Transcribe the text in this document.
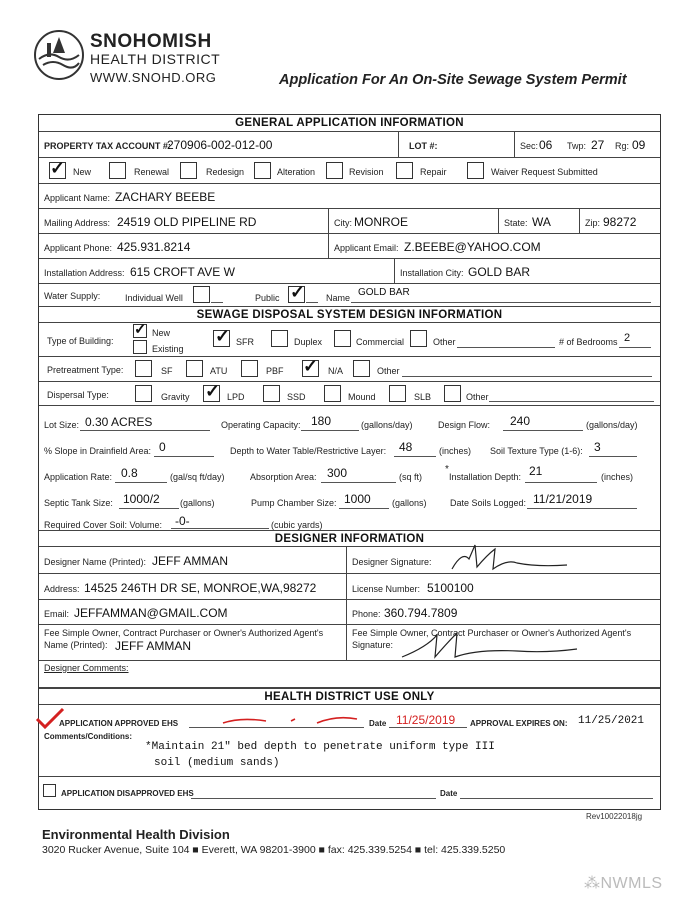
SNOHOMISH
HEALTH DISTRICT
WWW.SNOHD.ORG	Application For An On-Site Sewage System Permit
GENERAL APPLICATION INFORMATION
PROPERTY TAX ACCOUNT #:
270906-002-012-00	LOT #:	Sec: 06 Twp: 27 Rg: 09
✓ New	Renewal	Redesign	Alteration	Revision	Repair	Waiver Request Submitted
Applicant Name: ZACHARY BEEBE
Mailing Address: 24519 OLD PIPELINE RD	City: MONROE	State: WA	Zip: 98272
Applicant Phone: 425.931.8214	Applicant Email: Z.BEEBE@YAHOO.COM
Installation Address: 615 CROFT AVE W	Installation City: GOLD BAR
Water Supply:	Individual Well	Public ✓ Name GOLD BAR
SEWAGE DISPOSAL SYSTEM DESIGN INFORMATION
Type of Building:
✓ New
Existing
✓ SFR	Duplex	Commercial	Other	# of Bedrooms 2
Pretreatment Type:	SF	ATU	PBF ✓ N/A	Other
Dispersal Type:	Gravity ✓ LPD	SSD	Mound	SLB	Other
Lot Size: 0.30 ACRES	Operating Capacity: 180	(gallons/day)	Design Flow: 240	(gallons/day)
% Slope in Drainfield Area: 0	Depth to Water Table/Restrictive Layer: 48	(inches) Soil Texture Type (1-6): 3
Application Rate: 0.8	(gal/sq ft/day)	Absorption Area: 300	(sq ft)
*
Installation Depth: 21	(inches)
Septic Tank Size: 1000/2 (gallons)	Pump Chamber Size: 1000 (gallons)	Date Soils Logged: 11/21/2019
Required Cover Soil: Volume: -0-	(cubic yards)
DESIGNER INFORMATION
Designer Name (Printed): JEFF AMMAN	Designer Signature:
Address: 14525 246TH DR SE, MONROE,WA,98272	License Number: 5100100
Email: JEFFAMMAN@GMAIL.COM	Phone: 360.794.7809
Fee Simple Owner, Contract Purchaser or Owner's Authorized Agent's
Name (Printed): JEFF AMMAN
Fee Simple Owner, Contract Purchaser or Owner's Authorized Agent's
Signature:
Designer Comments:
HEALTH DISTRICT USE ONLY
APPLICATION APPROVED EHS	Date 11/25/2019 APPROVAL EXPIRES ON: 11/25/2021
Comments/Conditions:
*Maintain 21" bed depth to penetrate uniform type III
soil (medium sands)
APPLICATION DISAPPROVED EHS	Date
Rev10022018jg
Environmental Health Division
3020 Rucker Avenue, Suite 104 ■ Everett, WA 98201-3900 ■ fax: 425.339.5254 ■ tel: 425.339.5250
⁂NWMLS
